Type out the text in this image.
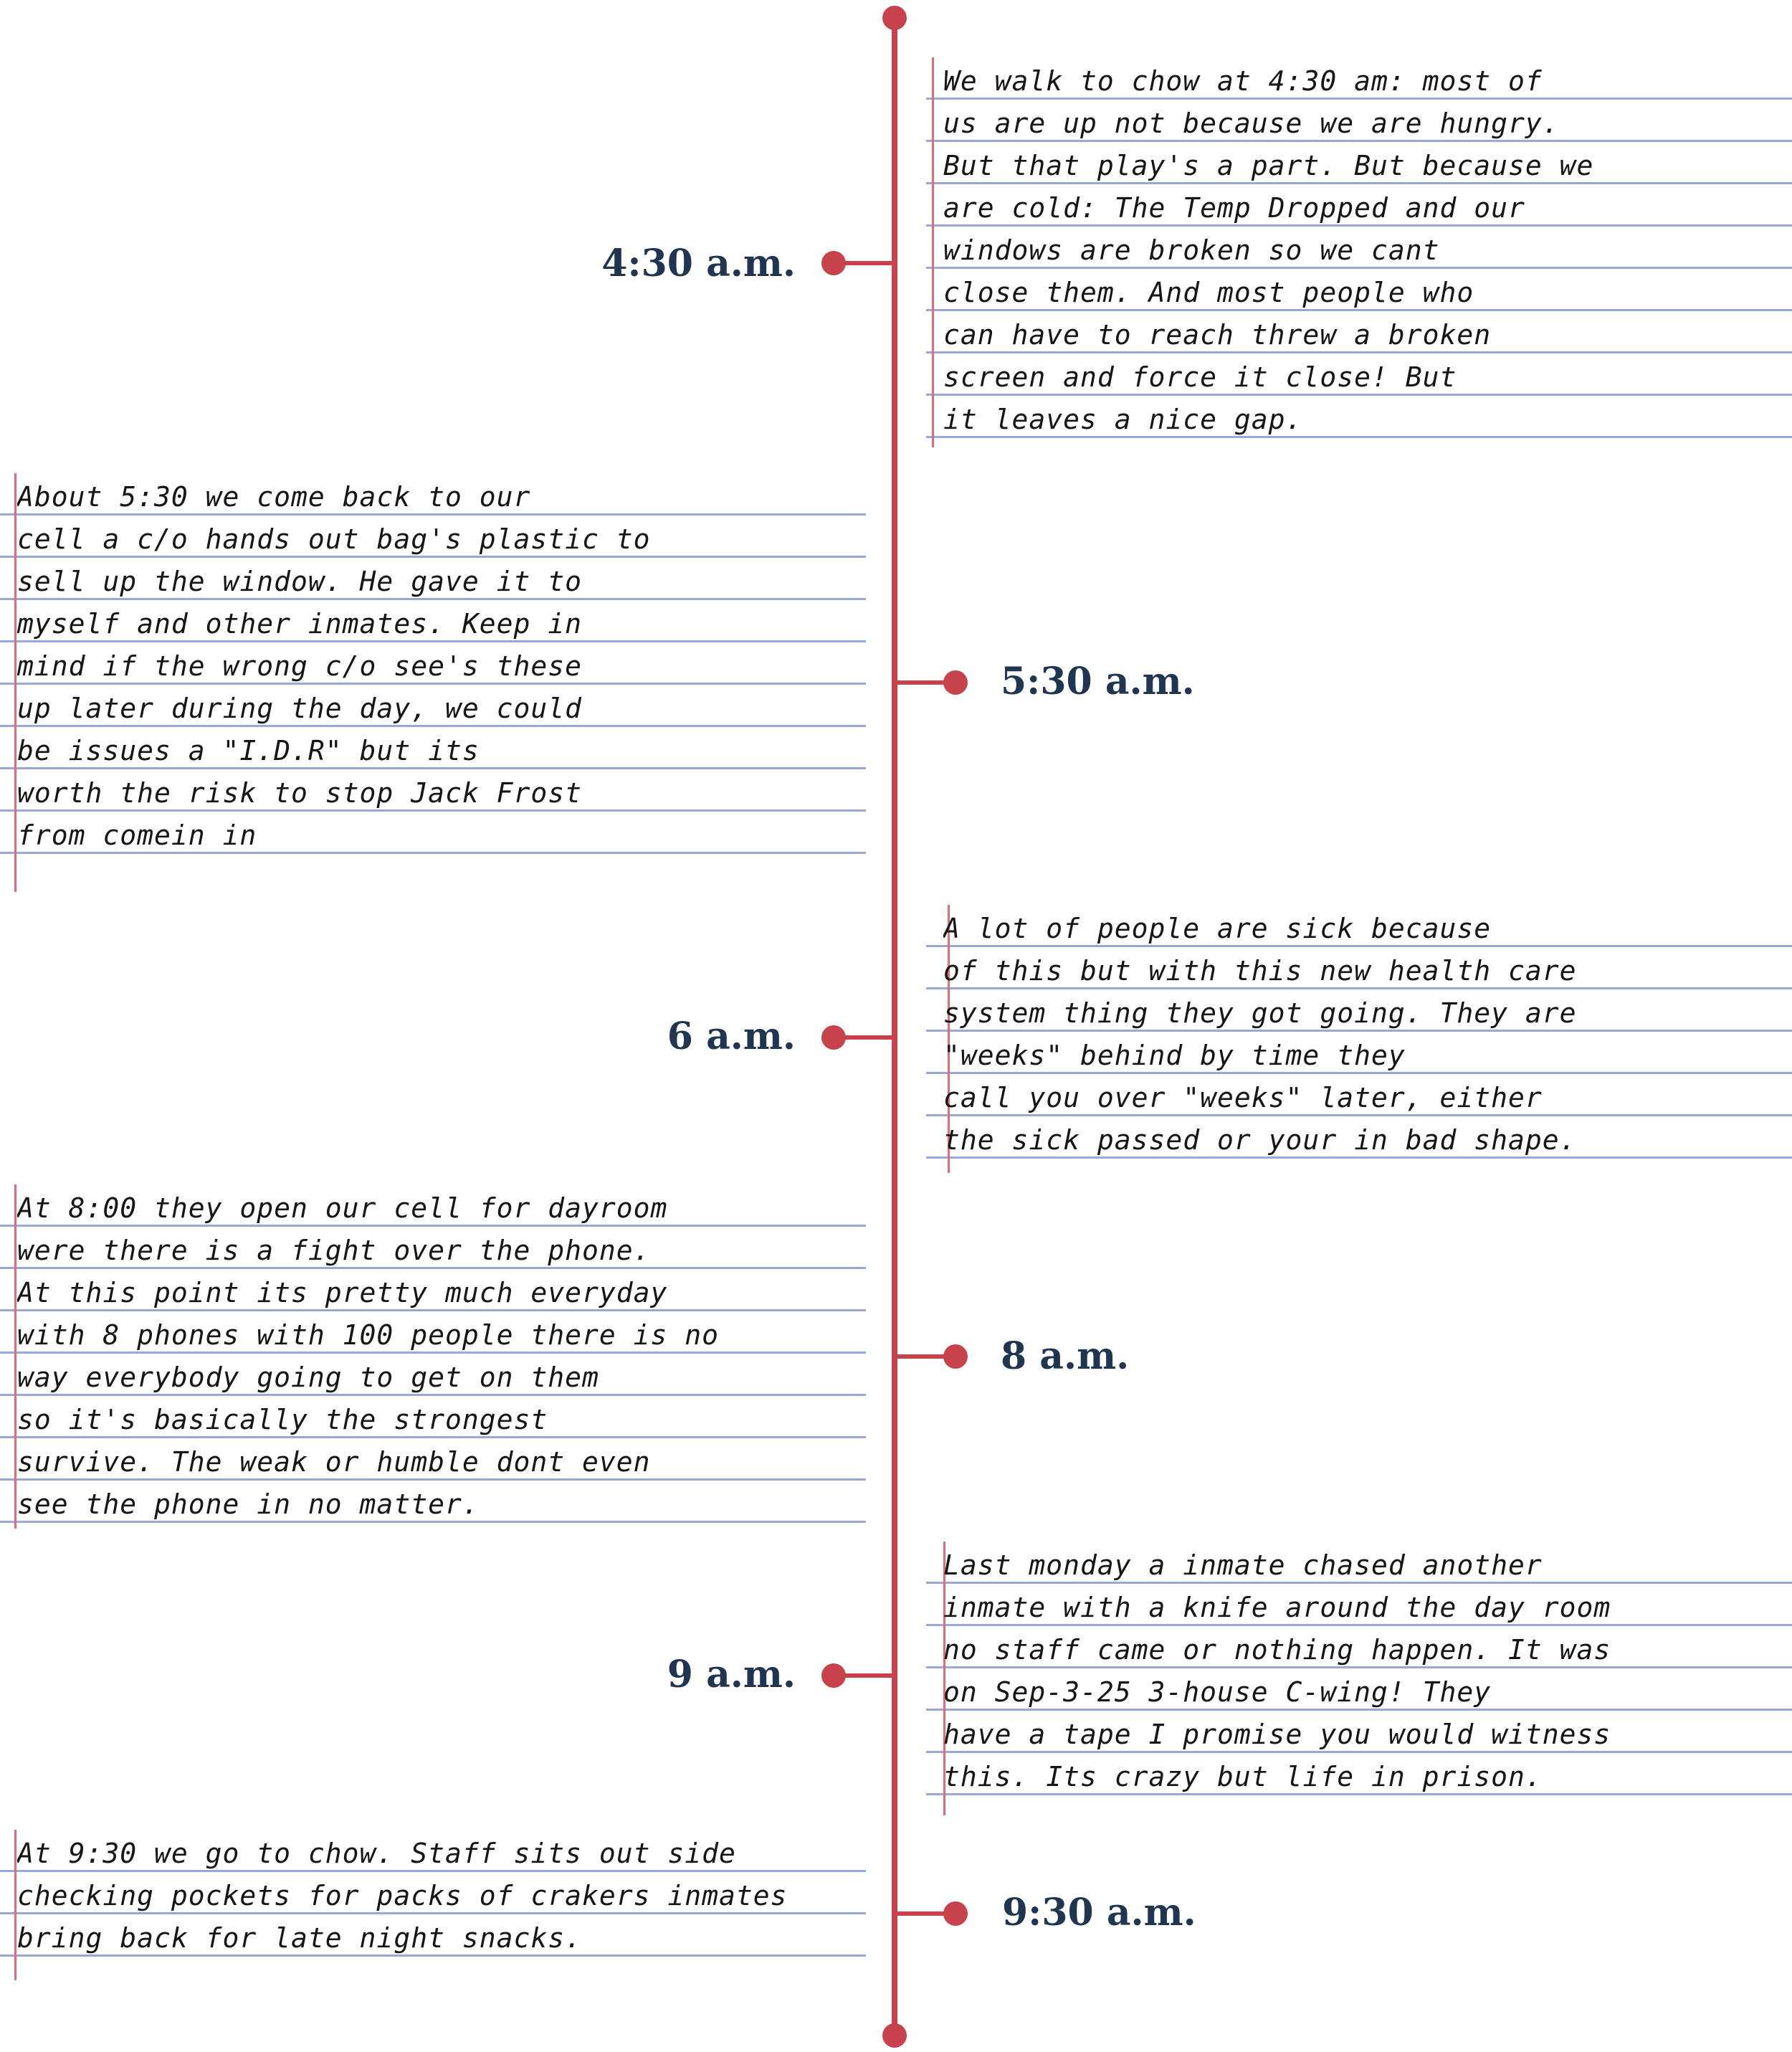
4:30 a.m.
We walk to chow at 4:30 am: most of
us are up not because we are hungry.
But that play's a part. But because we
are cold: The Temp Dropped and our
windows are broken so we cant
close them. And most people who
can have to reach threw a broken
screen and force it close! But
it leaves a nice gap.
5:30 a.m.
About 5:30 we come back to our
cell a c/o hands out bag's plastic to
sell up the window. He gave it to
myself and other inmates. Keep in
mind if the wrong c/o see's these
up later during the day, we could
be issues a "I.D.R" but its
worth the risk to stop Jack Frost
from comein in
6 a.m.
A lot of people are sick because
of this but with this new health care
system thing they got going. They are
"weeks" behind by time they
call you over "weeks" later, either
the sick passed or your in bad shape.
8 a.m.
At 8:00 they open our cell for dayroom
were there is a fight over the phone.
At this point its pretty much everyday
with 8 phones with 100 people there is no
way everybody going to get on them
so it's basically the strongest
survive. The weak or humble dont even
see the phone in no matter.
9 a.m.
Last monday a inmate chased another
inmate with a knife around the day room
no staff came or nothing happen. It was
on Sep-3-25 3-house C-wing! They
have a tape I promise you would witness
this. Its crazy but life in prison.
9:30 a.m.
At 9:30 we go to chow. Staff sits out side
checking pockets for packs of crakers inmates
bring back for late night snacks.
